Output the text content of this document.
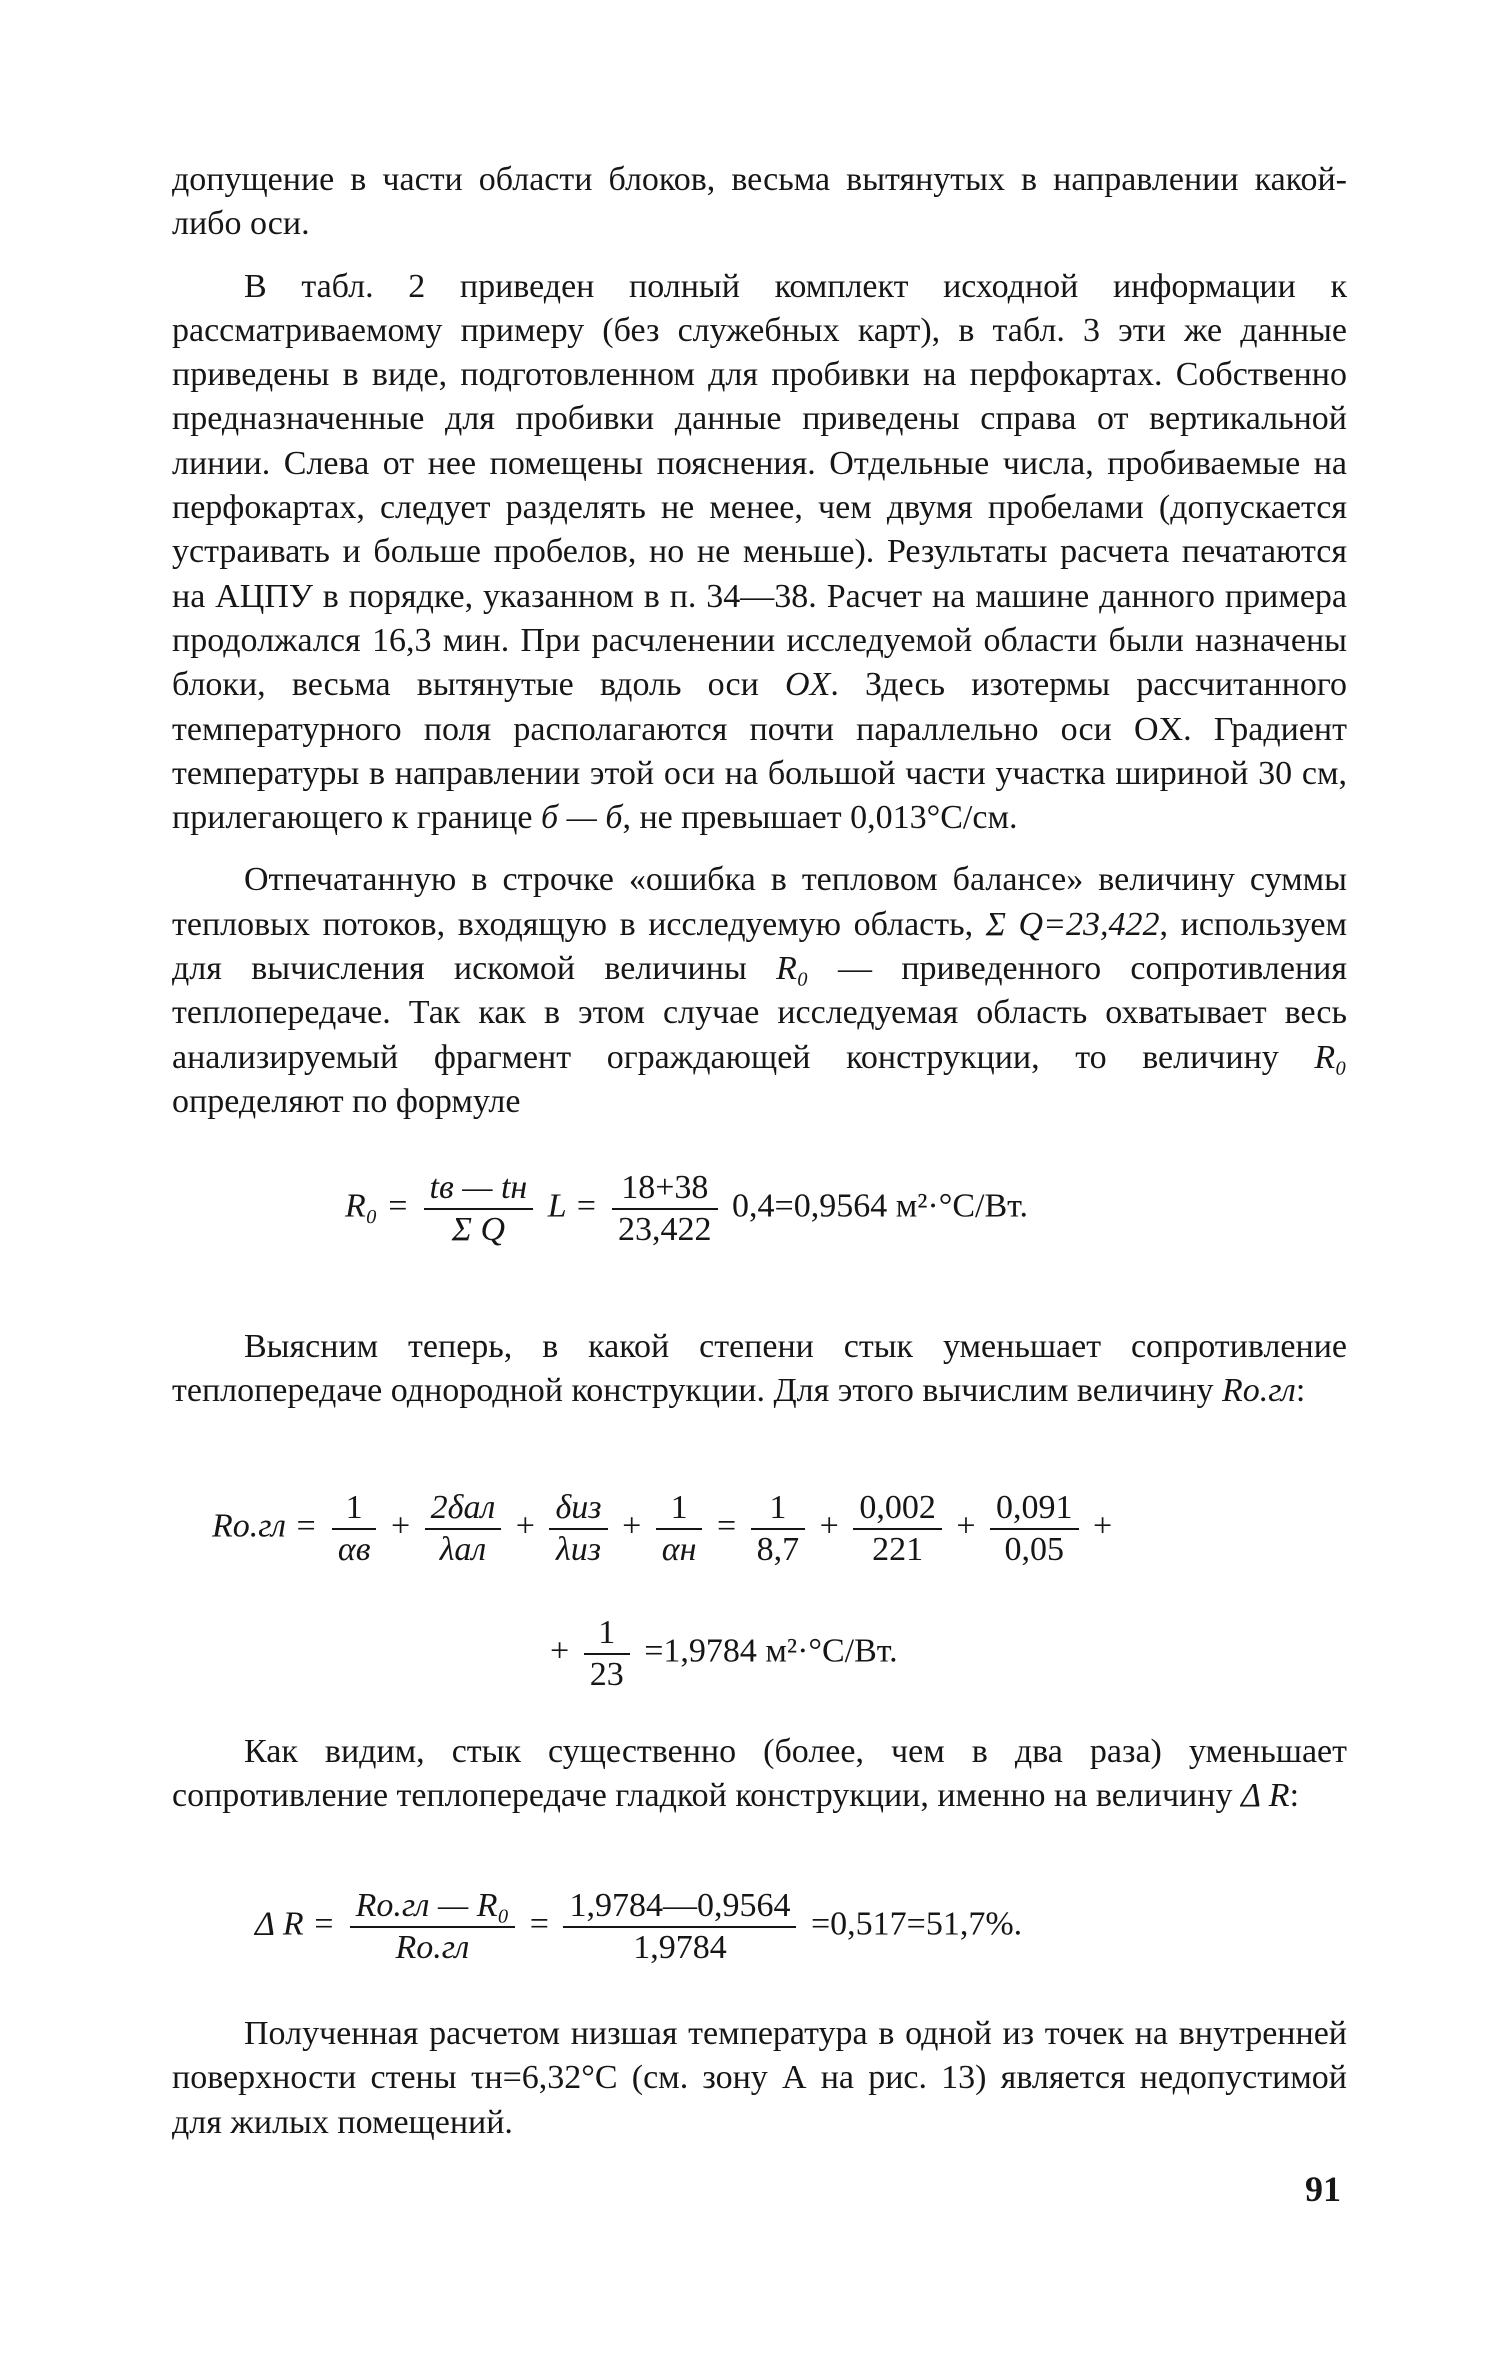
допущение в части области блоков, весьма вытянутых в направлении какой-либо оси.

В табл. 2 приведен полный комплект исходной информации к рассматриваемому примеру (без служебных карт), в табл. 3 эти же данные приведены в виде, подготовленном для пробивки на перфокартах. Собственно предназначенные для пробивки данные приведены справа от вертикальной линии. Слева от нее помещены пояснения. Отдельные числа, пробиваемые на перфокартах, следует разделять не менее, чем двумя пробелами (допускается устраивать и больше пробелов, но не меньше). Результаты расчета печатаются на АЦПУ в порядке, указанном в п. 34—38. Расчет на машине данного примера продолжался 16,3 мин. При расчленении исследуемой области были назначены блоки, весьма вытянутые вдоль оси OX. Здесь изотермы рассчитанного температурного поля располагаются почти параллельно оси OX. Градиент температуры в направлении этой оси на большой части участка шириной 30 см, прилегающего к границе б — б, не превышает 0,013°C/см.

Отпечатанную в строчке «ошибка в тепловом балансе» величину суммы тепловых потоков, входящую в исследуемую область, Σ Q=23,422, используем для вычисления искомой величины R₀ — приведенного сопротивления теплопередаче. Так как в этом случае исследуемая область охватывает весь анализируемый фрагмент ограждающей конструкции, то величину R₀ определяют по формуле

$R_0 = \frac{tв — tн}{\text{Σ Q}}$ $L = \frac{18+38}{23,422} 0,4=0,9564$ м²·°C/Вт.

Выясним теперь, в какой степени стык уменьшает сопротивление теплопередаче однородной конструкции. Для этого вычислим величину Rо.гл:

$Rо.гл = \frac{1}{\alpha в} + \frac{\text{2δал}}{\text{λал}} + \frac{\text{δиз}}{\text{λиз}} + \frac{1}{\alpha н} = \frac{1}{8,7} + \frac{0,002}{221} + \frac{0,091}{0,05}$ +
+ $\frac{1}{23} =1,9784$ м²·°C/Вт.

Как видим, стык существенно (более, чем в два раза) уменьшает сопротивление теплопередаче гладкой конструкции, именно на величину Δ R:

Δ $R = \frac{\text{Rо.гл — R₀}}{Rо.гл} = \frac{1,9784—0,9564}{1,9784} =0,517=51,7\%$.

Полученная расчетом низшая температура в одной из точек на внутренней поверхности стены τн=6,32°C (см. зону А на рис. 13) является недопустимой для жилых помещений.

91
